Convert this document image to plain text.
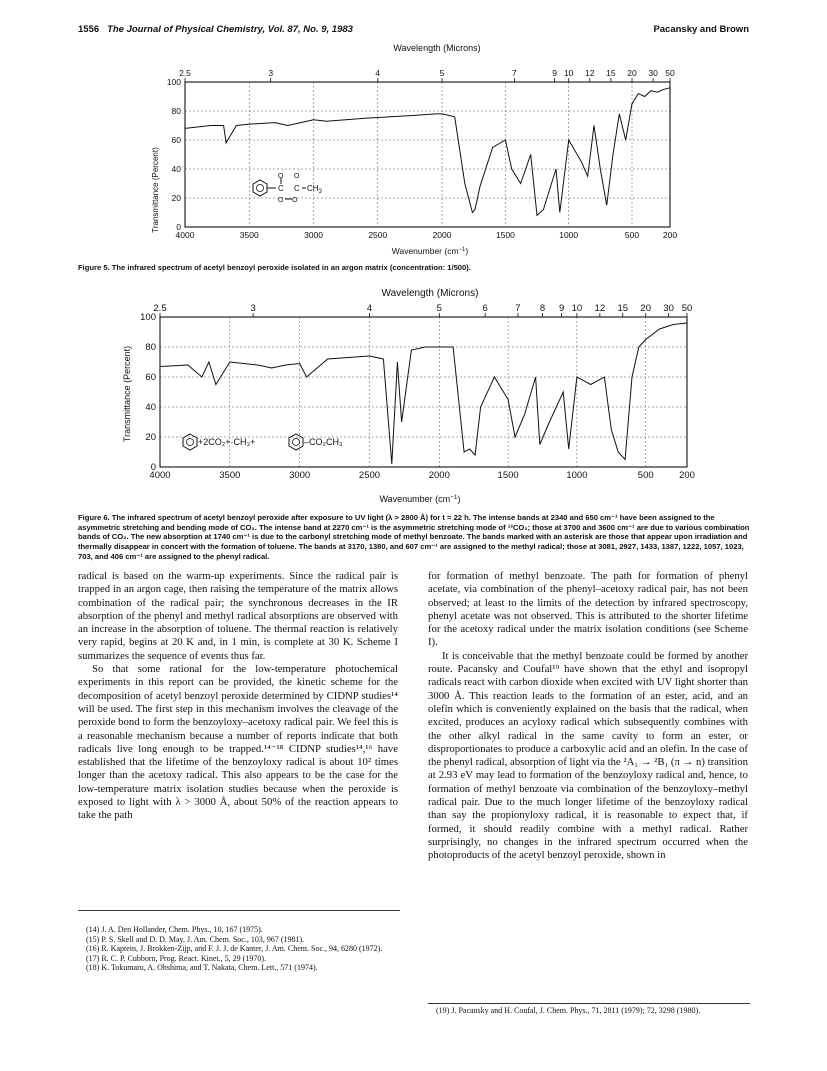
1556 The Journal of Physical Chemistry, Vol. 87, No. 9, 1983	Pacansky and Brown
Wavelength (Microns)
2.5	3	4	5	7	9 10 12 15 20 30 50
Transmittance (Percent)
100
80
60
40
20
0
4000	3500	3000	2500	2000	1500	1000	500	200
Wavenumber $(cm^{-1})$
C
O
O O
C
O
$CH_3$
Figure 5. The infrared spectrum of acetyl benzoyl peroxide isolated in an argon matrix (concentration: 1/500).
Wavelength (Microns)
2.5	3	4	5	6	7 8 9 10 12 15 20 30 50
Transmittance (Percent)
100
80
60
40
20
0
4000	3500	3000	2500	2000	1500	1000	500	200
Wavenumber $(cm^{-1})$
+2CO₂+·CH₃+	–CO₂CH₃
Figure 6. The infrared spectrum of acetyl benzoyl peroxide after exposure to UV light (λ > 2800 Å) for t = 22 h. The intense bands at 2340 and 650 cm⁻¹ have been assigned to the asymmetric stretching and bending mode of CO₂. The intense band at 2270 cm⁻¹ is the asymmetric stretching mode of ¹³CO₂; those at 3700 and 3600 cm⁻¹ are due to various combination bands of CO₂. The new absorption at 1740 cm⁻¹ is due to the carbonyl stretching mode of methyl benzoate. The bands marked with an asterisk are those that appear upon irradiation and thermally disappear in concert with the formation of toluene. The bands at 3170, 1380, and 607 cm⁻¹ are assigned to the methyl radical; those at 3081, 2927, 1433, 1387, 1222, 1057, 1023, 703, and 406 cm⁻¹ are assigned to the phenyl radical.

radical is based on the warm-up experiments. Since the radical pair is trapped in an argon cage, then raising the temperature of the matrix allows combination of the radical pair; the synchronous decreases in the IR absorption of the phenyl and methyl radical absorptions are observed with an increase in the absorption of toluene. The thermal reaction is relatively very rapid, begins at 20 K and, in 1 min, is complete at 30 K. Scheme I summarizes the sequence of events thus far.

So that some rational for the low-temperature photochemical experiments in this report can be provided, the kinetic scheme for the decomposition of acetyl benzoyl peroxide determined by CIDNP studies¹⁴ will be used. The first step in this mechanism involves the cleavage of the peroxide bond to form the benzoyloxy–acetoxy radical pair. We feel this is a reasonable mechanism because a number of reports indicate that both radicals live long enough to be trapped.¹⁴⁻¹⁸ CIDNP studies¹⁴,¹⁶ have established that the lifetime of the benzoyloxy radical is about 10² times longer than the acetoxy radical. This also appears to be the case for the low-temperature matrix isolation studies because when the peroxide is exposed to light with λ > 3000 Å, about 50% of the reaction appears to take the path

for formation of methyl benzoate. The path for formation of phenyl acetate, via combination of the phenyl–acetoxy radical pair, has not been observed; at least to the limits of the detection by infrared spectroscopy, phenyl acetate was not observed. This is attributed to the shorter lifetime for the acetoxy radical under the matrix isolation conditions (see Scheme I).

It is conceivable that the methyl benzoate could be formed by another route. Pacansky and Coufal¹⁹ have shown that the ethyl and isopropyl radicals react with carbon dioxide when excited with UV light shorter than 3000 Å. This reaction leads to the formation of an ester, acid, and an olefin which is conveniently explained on the basis that the radical, when excited, produces an acyloxy radical which subsequently combines with the other alkyl radical in the same cavity to form an ester, or disproportionates to produce a carboxylic acid and an olefin. In the case of the phenyl radical, absorption of light via the ²A₁ → ²B₁ (π → n) transition at 2.93 eV may lead to formation of the benzoyloxy radical and, hence, to formation of methyl benzoate via combination of the benzoyloxy–methyl radical pair. Due to the much longer lifetime of the benzoyloxy radical than say the propionyloxy radical, it is reasonable to expect that, if formed, it should readily combine with a methyl radical. Rather surprisingly, no changes in the infrared spectrum occurred when the photoproducts of the acetyl benzoyl peroxide, shown in

(14) J. A. Den Hollander, Chem. Phys., 10, 167 (1975).
(15) P. S. Skell and D. D. May, J. Am. Chem. Soc., 103, 967 (1981).
(16) R. Kaptein, J. Brokken-Zijp, and F. J. J. de Kanter, J. Am. Chem. Soc., 94, 6280 (1972).
(17) R. C. P. Cubborn, Prog. React. Kinet., 5, 29 (1970).
(18) K. Tokumaru, A. Ohshima, and T. Nakata, Chem. Lett., 571 (1974).
(19) J. Pacansky and H. Coufal, J. Chem. Phys., 71, 2811 (1979); 72, 3298 (1980).
